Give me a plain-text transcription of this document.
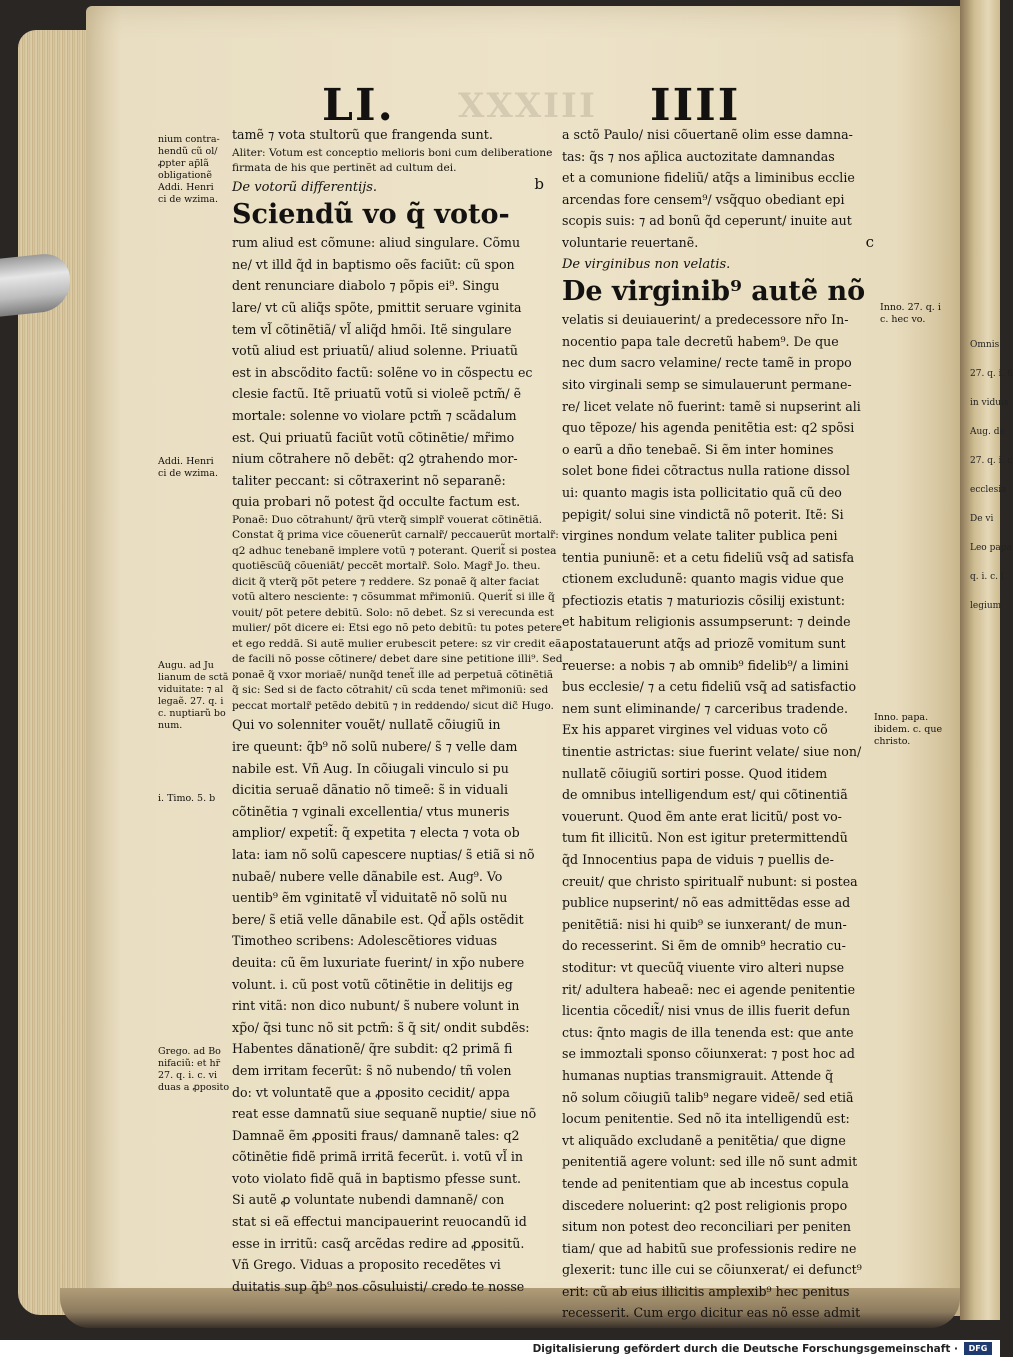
Omnis
27. q. i. 6
in viduis
Aug. de
27. q. i. c
ecclesia
De vi
Leo papa
q. i. c. l
legium
XXXIII
LI.	IIII
tamẽ ⁊ vota stultorũ que frangenda sunt.
Aliter: Votum est conceptio melioris boni cum deliberatione
firmata de his que pertinẽt ad cultum dei.
De votorũ differentijs.
Sciendũ vo q̃ voto-
rum aliud est cõmune: aliud singulare. Cõmu
ne/ vt illd q̃d in baptismo oẽs faciũt: cũ spon
dent renunciare diabolo ⁊ põpis ei⁹. Singu
lare/ vt cũ aliq̃s spõte, pmittit seruare vginita
tem vl̃ cõtinẽtiã/ vl̃ aliq̃d hmõi. Itẽ singulare
votũ aliud est priuatũ/ aliud solenne. Priuatũ
est in abscõdito factũ: solẽne vo in cõspectu ec
clesie factũ. Itẽ priuatũ votũ si violeẽ pctm̃/ ẽ
mortale: solenne vo violare pctm̃ ⁊ scãdalum
est. Qui priuatũ faciũt votũ cõtinẽtie/ mr̃imo
nium cõtrahere nõ debẽt: q2 ꝯtrahendo mor-
taliter peccant: si cõtraxerint nõ separanẽ:
quia probari nõ potest q̃d occulte factum est.
Ponaẽ: Duo cõtrahunt/ q̃rũ vterq̃ simplr̃ vouerat cõtinẽtiã.
Constat q̃ prima vice cõuenerũt carnalr̃/ peccauerũt mortalr̃:
q2 adhuc tenebanẽ implere votũ ⁊ poterant. Querit̃ si postea
quotiẽscũq̃ cõueniãt/ peccẽt mortalr̃. Solo. Magr̃ Jo. theu.
dicit q̃ vterq̃ põt petere ⁊ reddere. Sz ponaẽ q̃ alter faciat
votũ altero nesciente: ⁊ cõsummat mr̃imoniũ. Querit̃ si ille q̃
vouit/ põt petere debitũ. Solo: nõ debet. Sz si verecunda est
mulier/ põt dicere ei: Etsi ego nõ peto debitũ: tu potes petere
et ego reddã. Si autẽ mulier erubescit petere: sz vir credit eã
de facili nõ posse cõtinere/ debet dare sine petitione illi⁹. Sed
ponaẽ q̃ vxor moriaẽ/ nunq̃d tenet̃ ille ad perpetuã cõtinẽtiã
q̃ sic: Sed si de facto cõtrahit/ cũ scda tenet mr̃imoniũ: sed
peccat mortalr̃ petẽdo debitũ ⁊ in reddendo/ sicut dic̃ Hugo.
Qui vo solenniter vouẽt/ nullatẽ cõiugiũ in
ire queunt: q̃b⁹ nõ solũ nubere/ s̃ ⁊ velle dam
nabile est. Vñ Aug. In cõiugali vinculo si pu
dicitia seruaẽ dãnatio nõ timeẽ: s̃ in viduali
cõtinẽtia ⁊ vginali excellentia/ vtus muneris
amplior/ expetit̃: q̃ expetita ⁊ electa ⁊ vota ob
lata: iam nõ solũ capescere nuptias/ s̃ etiã si nõ
nubaẽ/ nubere velle dãnabile est. Aug⁹. Vo
uentib⁹ ẽm vginitatẽ vl̃ viduitatẽ nõ solũ nu
bere/ s̃ etiã velle dãnabile est. Qd̃ ap̃ls ostẽdit
Timotheo scribens: Adolescẽtiores viduas
deuita: cũ ẽm luxuriate fuerint/ in xp̃o nubere
volunt. i. cũ post votũ cõtinẽtie in delitijs eg
rint vitã: non dico nubunt/ s̃ nubere volunt in
xp̃o/ q̃si tunc nõ sit pctm̃: s̃ q̃ sit/ ondit subdẽs:
Habentes dãnationẽ/ q̃re subdit: q2 primã fi
dem irritam fecerũt: s̃ nõ nubendo/ tñ volen
do: vt voluntatẽ que a ꝓposito cecidit/ appa
reat esse damnatũ siue sequanẽ nuptie/ siue nõ
Damnaẽ ẽm ꝓpositi fraus/ damnanẽ tales: q2
cõtinẽtie fidẽ primã irritã fecerũt. i. votũ vl̃ in
voto violato fidẽ quã in baptismo pfesse sunt.
Si autẽ ꝓ voluntate nubendi damnanẽ/ con
stat si eã effectui mancipauerint reuocandũ id
esse in irritũ: casq̃ arcẽdas redire ad ꝓpositũ.
Vñ Grego. Viduas a proposito recedẽtes vi
duitatis sup q̃b⁹ nos cõsuluisti/ credo te nosse
b
a sctõ Paulo/ nisi cõuertanẽ olim esse damna-
tas: q̃s ⁊ nos ap̃lica auctozitate damnandas
et a comunione fideliũ/ atq̃s a liminibus ecclie
arcendas fore censem⁹/ vsq̃quo obediant epi
scopis suis: ⁊ ad bonũ q̃d ceperunt/ inuite aut
voluntarie reuertanẽ.
De virginibus non velatis.
De virginib⁹ autẽ nõ
velatis si deuiauerint/ a predecessore nr̃o In-
nocentio papa tale decretũ habem⁹. De que
nec dum sacro velamine/ recte tamẽ in propo
sito virginali semp se simulauerunt permane-
re/ licet velate nõ fuerint: tamẽ si nupserint ali
quo tẽpoze/ his agenda penitẽtia est: q2 spõsi
o earũ a dño tenebaẽ. Si ẽm inter homines
solet bone fidei cõtractus nulla ratione dissol
ui: quanto magis ista pollicitatio quã cũ deo
pepigit/ solui sine vindictã nõ poterit. Itẽ: Si
virgines nondum velate taliter publica peni
tentia puniunẽ: et a cetu fideliũ vsq̃ ad satisfa
ctionem excludunẽ: quanto magis vidue que
pfectiozis etatis ⁊ maturiozis cõsilij existunt:
et habitum religionis assumpserunt: ⁊ deinde
apostatauerunt atq̃s ad priozẽ vomitum sunt
reuerse: a nobis ⁊ ab omnib⁹ fidelib⁹/ a limini
bus ecclesie/ ⁊ a cetu fideliũ vsq̃ ad satisfactio
nem sunt eliminande/ ⁊ carceribus tradende.
Ex his apparet virgines vel viduas voto cõ
tinentie astrictas: siue fuerint velate/ siue non/
nullatẽ cõiugiũ sortiri posse. Quod itidem
de omnibus intelligendum est/ qui cõtinentiã
vouerunt. Quod ẽm ante erat licitũ/ post vo-
tum fit illicitũ. Non est igitur pretermittendũ
q̃d Innocentius papa de viduis ⁊ puellis de-
creuit/ que christo spiritualr̃ nubunt: si postea
publice nupserint/ nõ eas admittẽdas esse ad
penitẽtiã: nisi hi quib⁹ se iunxerant/ de mun-
do recesserint. Si ẽm de omnib⁹ hecratio cu-
stoditur: vt quecũq̃ viuente viro alteri nupse
rit/ adultera habeaẽ: nec ei agende penitentie
licentia cõcedit̃/ nisi vnus de illis fuerit defun
ctus: q̃nto magis de illa tenenda est: que ante
se immoztali sponso cõiunxerat: ⁊ post hoc ad
humanas nuptias transmigrauit. Attende q̃
nõ solum cõiugiũ talib⁹ negare videẽ/ sed etiã
locum penitentie. Sed nõ ita intelligendũ est:
vt aliquãdo excludanẽ a penitẽtia/ que digne
penitentiã agere volunt: sed ille nõ sunt admit
tende ad penitentiam que ab incestus copula
discedere noluerint: q2 post religionis propo
situm non potest deo reconciliari per peniten
tiam/ que ad habitũ sue professionis redire ne
glexerit: tunc ille cui se cõiunxerat/ ei defunct⁹
erit: cũ ab eius illicitis amplexib⁹ hec penitus
recesserit. Cum ergo dicitur eas nõ esse admit
c
nium contra-
hendũ cũ ol/
ꝓpter ap̃lã
obligationẽ
Addi. Henri
ci de wzima.
Addi. Henri
ci de wzima.
Augu. ad Ju
lianum de sctã
viduitate: ⁊ al
legaẽ. 27. q. i
c. nuptiarũ bo
num.
i. Timo. 5. b
Grego. ad Bo
nifaciũ: et hr̃
27. q. i. c. vi
duas a ꝓposito
Inno. 27. q. i
c. hec vo.
Inno. papa.
ibidem. c. que
christo.
Digitalisierung gefördert durch die Deutsche Forschungsgemeinschaft ·	DFG
